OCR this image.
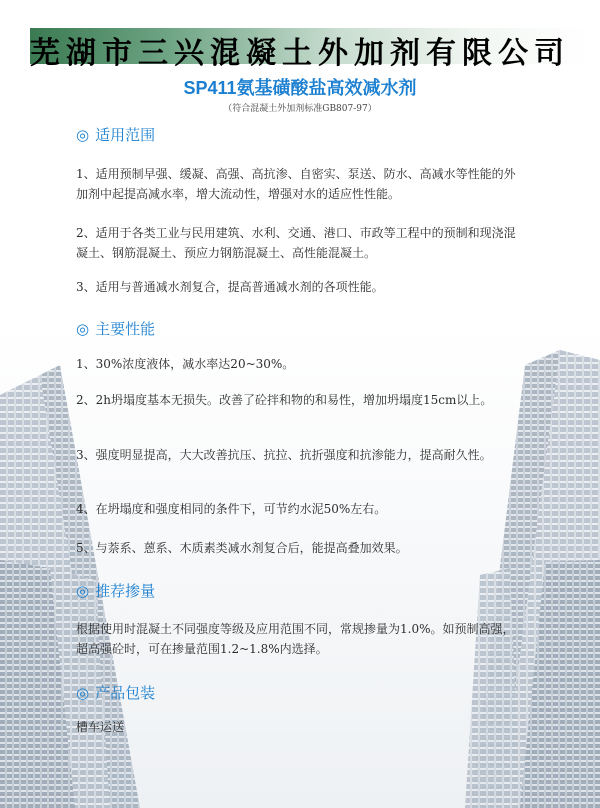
芜湖市三兴混凝土外加剂有限公司
SP411氨基磺酸盐高效减水剂
（符合混凝土外加剂标准GB807-97）
◎ 适用范围
1、适用预制早强、缓凝、高强、高抗渗、自密实、泵送、防水、高减水等性能的外加剂中起提高减水率，增大流动性，增强对水的适应性性能。
2、适用于各类工业与民用建筑、水利、交通、港口、市政等工程中的预制和现浇混凝土、钢筋混凝土、预应力钢筋混凝土、高性能混凝土。
3、适用与普通减水剂复合，提高普通减水剂的各项性能。
◎ 主要性能
1、30%浓度液体，减水率达20~30%。
2、2h坍塌度基本无损失。改善了砼拌和物的和易性，增加坍塌度15cm以上。
3、强度明显提高，大大改善抗压、抗拉、抗折强度和抗渗能力，提高耐久性。
4、在坍塌度和强度相同的条件下，可节约水泥50%左右。
5、与萘系、蒽系、木质素类减水剂复合后，能提高叠加效果。
◎ 推荐掺量
根据使用时混凝土不同强度等级及应用范围不同，常规掺量为1.0%。如预制高强，超高强砼时，可在掺量范围1.2~1.8%内选择。
◎ 产品包装
槽车运送
